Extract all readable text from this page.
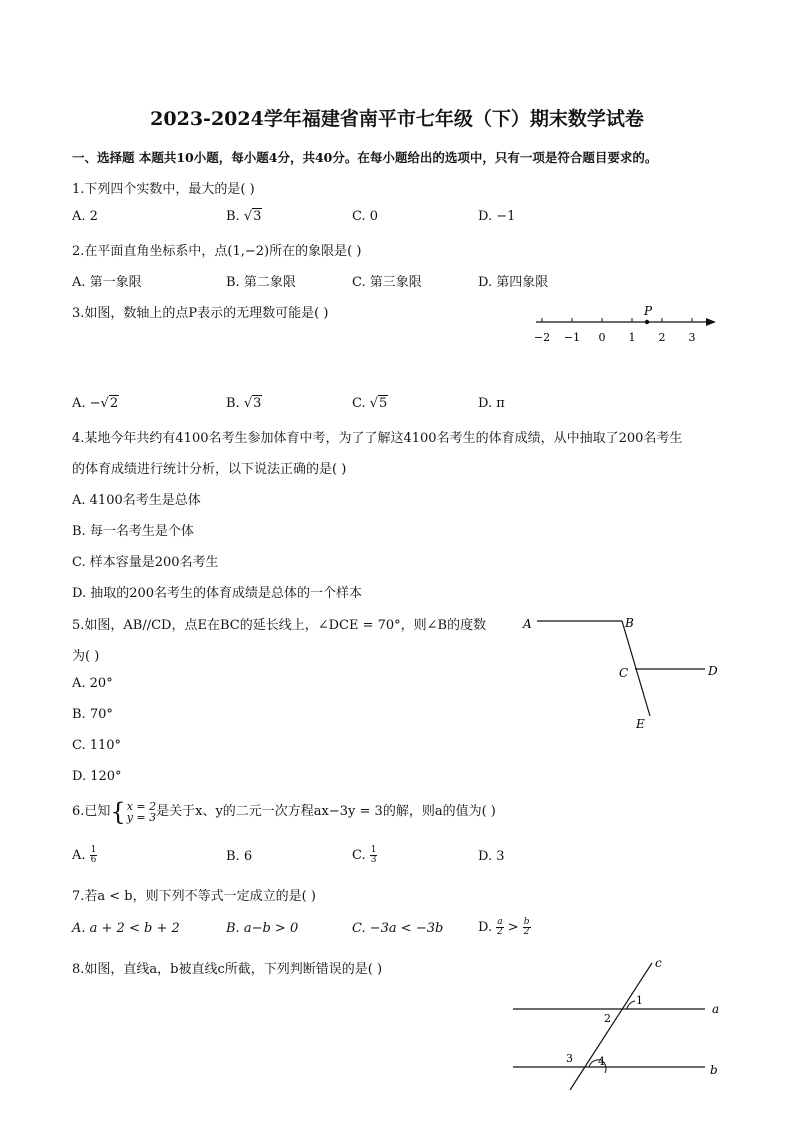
2023-2024学年福建省南平市七年级（下）期末数学试卷
一、选择题 本题共10小题，每小题4分，共40分。在每小题给出的选项中，只有一项是符合题目要求的。
1.下列四个实数中，最大的是( )
A. 2	B. √3	C. 0	D. −1
2.在平面直角坐标系中，点(1,−2)所在的象限是( )
A. 第一象限	B. 第二象限	C. 第三象限	D. 第四象限
3.如图，数轴上的点P表示的无理数可能是( )
−2 −1 0 1 2 3
P
A. −√2	B. √3	C. √5	D. π
4.某地今年共约有4100名考生参加体育中考，为了了解这4100名考生的体育成绩，从中抽取了200名考生
的体育成绩进行统计分析，以下说法正确的是( )
A. 4100名考生是总体
B. 每一名考生是个体
C. 样本容量是200名考生
D. 抽取的200名考生的体育成绩是总体的一个样本
5.如图，AB//CD，点E在BC的延长线上，∠DCE = 70°，则∠B的度数
为( )
A	B
C	D
E
A. 20°
B. 70°
C. 110°
D. 120°
6.已知 { x = 2
y = 3 是关于x、y的二元一次方程ax−3y = 3的解，则a的值为( )
A. $\frac{1}{6}$	B. 6	C. $\frac{1}{3}$	D. 3
7.若a < b，则下列不等式一定成立的是( )
A. a + 2 < b + 2	B. a−b > 0	C. −3a < −3b	D. $\frac{a}{2} > \frac{b}{2}$
8.如图，直线a，b被直线c所截，下列判断错误的是( )	c
a
b
1
2
3 4
